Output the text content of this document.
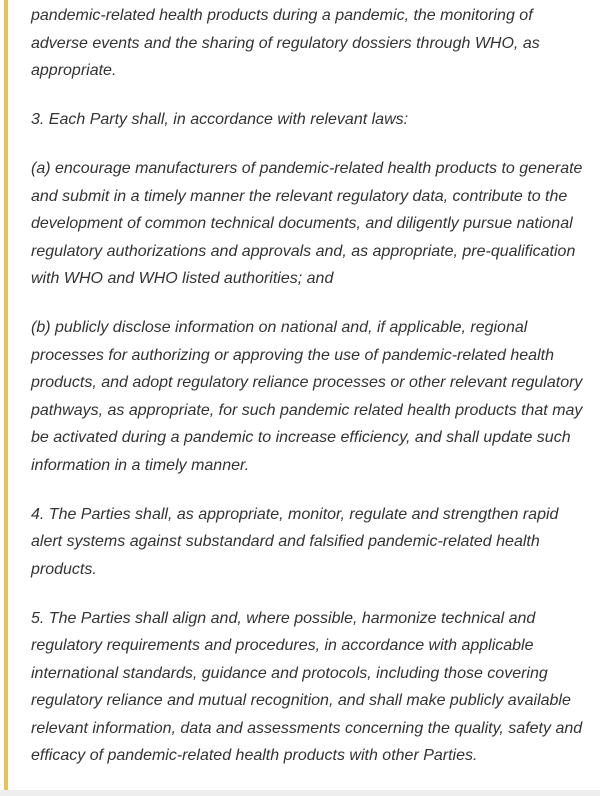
pandemic-related health products during a pandemic, the monitoring of adverse events and the sharing of regulatory dossiers through WHO, as appropriate.

3. Each Party shall, in accordance with relevant laws:

(a) encourage manufacturers of pandemic-related health products to generate and submit in a timely manner the relevant regulatory data, contribute to the development of common technical documents, and diligently pursue national regulatory authorizations and approvals and, as appropriate, pre-qualification with WHO and WHO listed authorities; and

(b) publicly disclose information on national and, if applicable, regional processes for authorizing or approving the use of pandemic-related health products, and adopt regulatory reliance processes or other relevant regulatory pathways, as appropriate, for such pandemic related health products that may be activated during a pandemic to increase efficiency, and shall update such information in a timely manner.

4. The Parties shall, as appropriate, monitor, regulate and strengthen rapid alert systems against substandard and falsified pandemic-related health products.

5. The Parties shall align and, where possible, harmonize technical and regulatory requirements and procedures, in accordance with applicable international standards, guidance and protocols, including those covering regulatory reliance and mutual recognition, and shall make publicly available relevant information, data and assessments concerning the quality, safety and efficacy of pandemic-related health products with other Parties.
